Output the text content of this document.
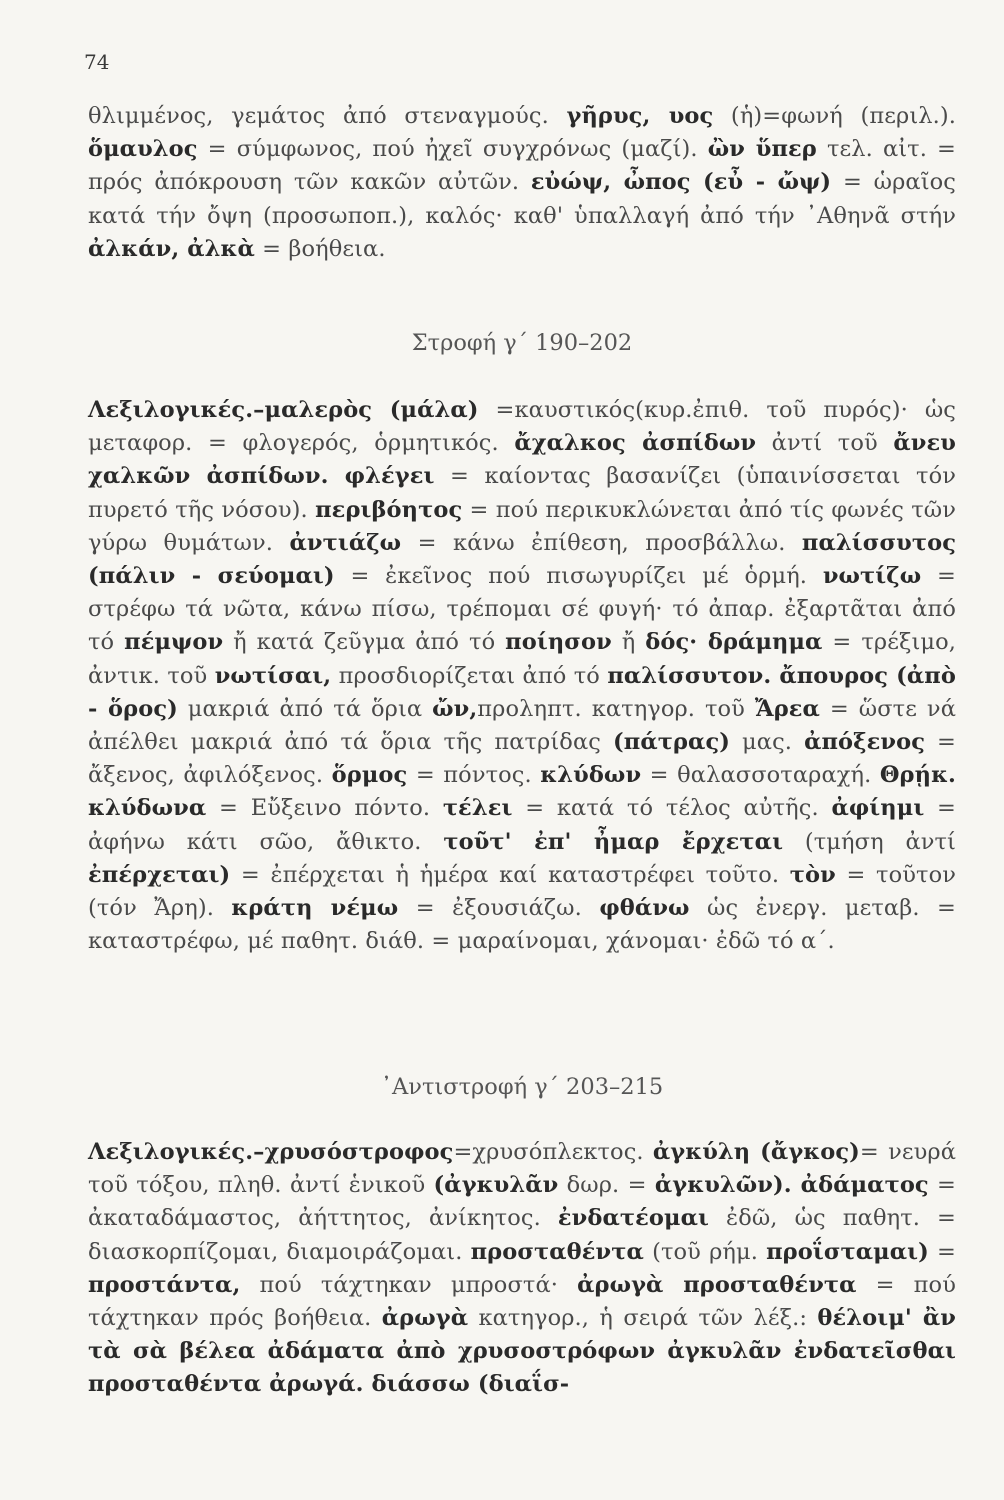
74
θλιμμένος, γεμάτος ἀπό στεναγμούς. γῆρυς, υος (ἡ)=φωνή (περιλ.). ὅμαυλος = σύμφωνος, πού ἠχεῖ συγχρόνως (μαζί). ὢν ὕπερ τελ. αἰτ. = πρός ἀπόκρουση τῶν κακῶν αὐτῶν. εὐώψ, ὦπος (εὖ - ὤψ) = ὡραῖος κατά τήν ὄψη (προσωποπ.), καλός· καθ' ὑπαλλαγή ἀπό τήν ᾿Αθηνᾶ στήν ἀλκάν, ἀλκὰ = βοήθεια.
Στροφή γ΄ 190–202
Λεξιλογικές.–μαλερὸς (μάλα) =καυστικός(κυρ.ἐπιθ. τοῦ πυρός)· ὡς μεταφορ. = φλογερός, ὁρμητικός. ἄχαλκος ἀσπίδων ἀντί τοῦ ἄνευ χαλκῶν ἀσπίδων. φλέγει = καίοντας βασανίζει (ὑπαινίσσεται τόν πυρετό τῆς νόσου). περιβόητος = πού περικυκλώνεται ἀπό τίς φωνές τῶν γύρω θυμάτων. ἀντιάζω = κάνω ἐπίθεση, προσβάλλω. παλίσσυτος (πάλιν - σεύομαι) = ἐκεῖνος πού πισωγυρίζει μέ ὁρμή. νωτίζω = στρέφω τά νῶτα, κάνω πίσω, τρέπομαι σέ φυγή· τό ἀπαρ. ἐξαρτᾶται ἀπό τό πέμψον ἤ κατά ζεῦγμα ἀπό τό ποίησον ἤ δός· δράμημα = τρέξιμο, ἀντικ. τοῦ νωτίσαι, προσδιορίζεται ἀπό τό παλίσσυτον. ἄπουρος (ἀπὸ - ὅρος) μακριά ἀπό τά ὅρια ὤν,προληπτ. κατηγορ. τοῦ Ἄρεα = ὥστε νά ἀπέλθει μακριά ἀπό τά ὅρια τῆς πατρίδας (πάτρας) μας. ἀπόξενος = ἄξενος, ἀφιλόξενος. ὅρμος = πόντος. κλύδων = θαλασσοταραχή. Θρῄκ. κλύδωνα = Εὔξεινο πόντο. τέλει = κατά τό τέλος αὐτῆς. ἀφίημι = ἀφήνω κάτι σῶο, ἄθικτο. τοῦτ' ἐπ' ἦμαρ ἔρχεται (τμήση ἀντί ἐπέρχεται) = ἐπέρχεται ἡ ἡμέρα καί καταστρέφει τοῦτο. τὸν = τοῦτον (τόν Ἄρη). κράτη νέμω = ἐξουσιάζω. φθάνω ὡς ἐνεργ. μεταβ. = καταστρέφω, μέ παθητ. διάθ. = μαραίνομαι, χάνομαι· ἐδῶ τό α΄.
᾿Αντιστροφή γ΄ 203–215
Λεξιλογικές.–χρυσόστροφος=χρυσόπλεκτος. ἀγκύλη (ἄγκος)= νευρά τοῦ τόξου, πληθ. ἀντί ἑνικοῦ (ἀγκυλᾶν δωρ. = ἀγκυλῶν). ἀδάματος = ἀκαταδάμαστος, ἀήττητος, ἀνίκητος. ἐνδατέομαι ἐδῶ, ὡς παθητ. = διασκορπίζομαι, διαμοιράζομαι. προσταθέντα (τοῦ ρήμ. προΐσταμαι) = προστάντα, πού τάχτηκαν μπροστά· ἀρωγὰ προσταθέντα = πού τάχτηκαν πρός βοήθεια. ἀρωγὰ κατηγορ., ἡ σειρά τῶν λέξ.: θέλοιμ' ἂν τὰ σὰ βέλεα ἀδάματα ἀπὸ χρυσοστρόφων ἀγκυλᾶν ἐνδατεῖσθαι προσταθέντα ἀρωγά. διάσσω (διαΐσ-
